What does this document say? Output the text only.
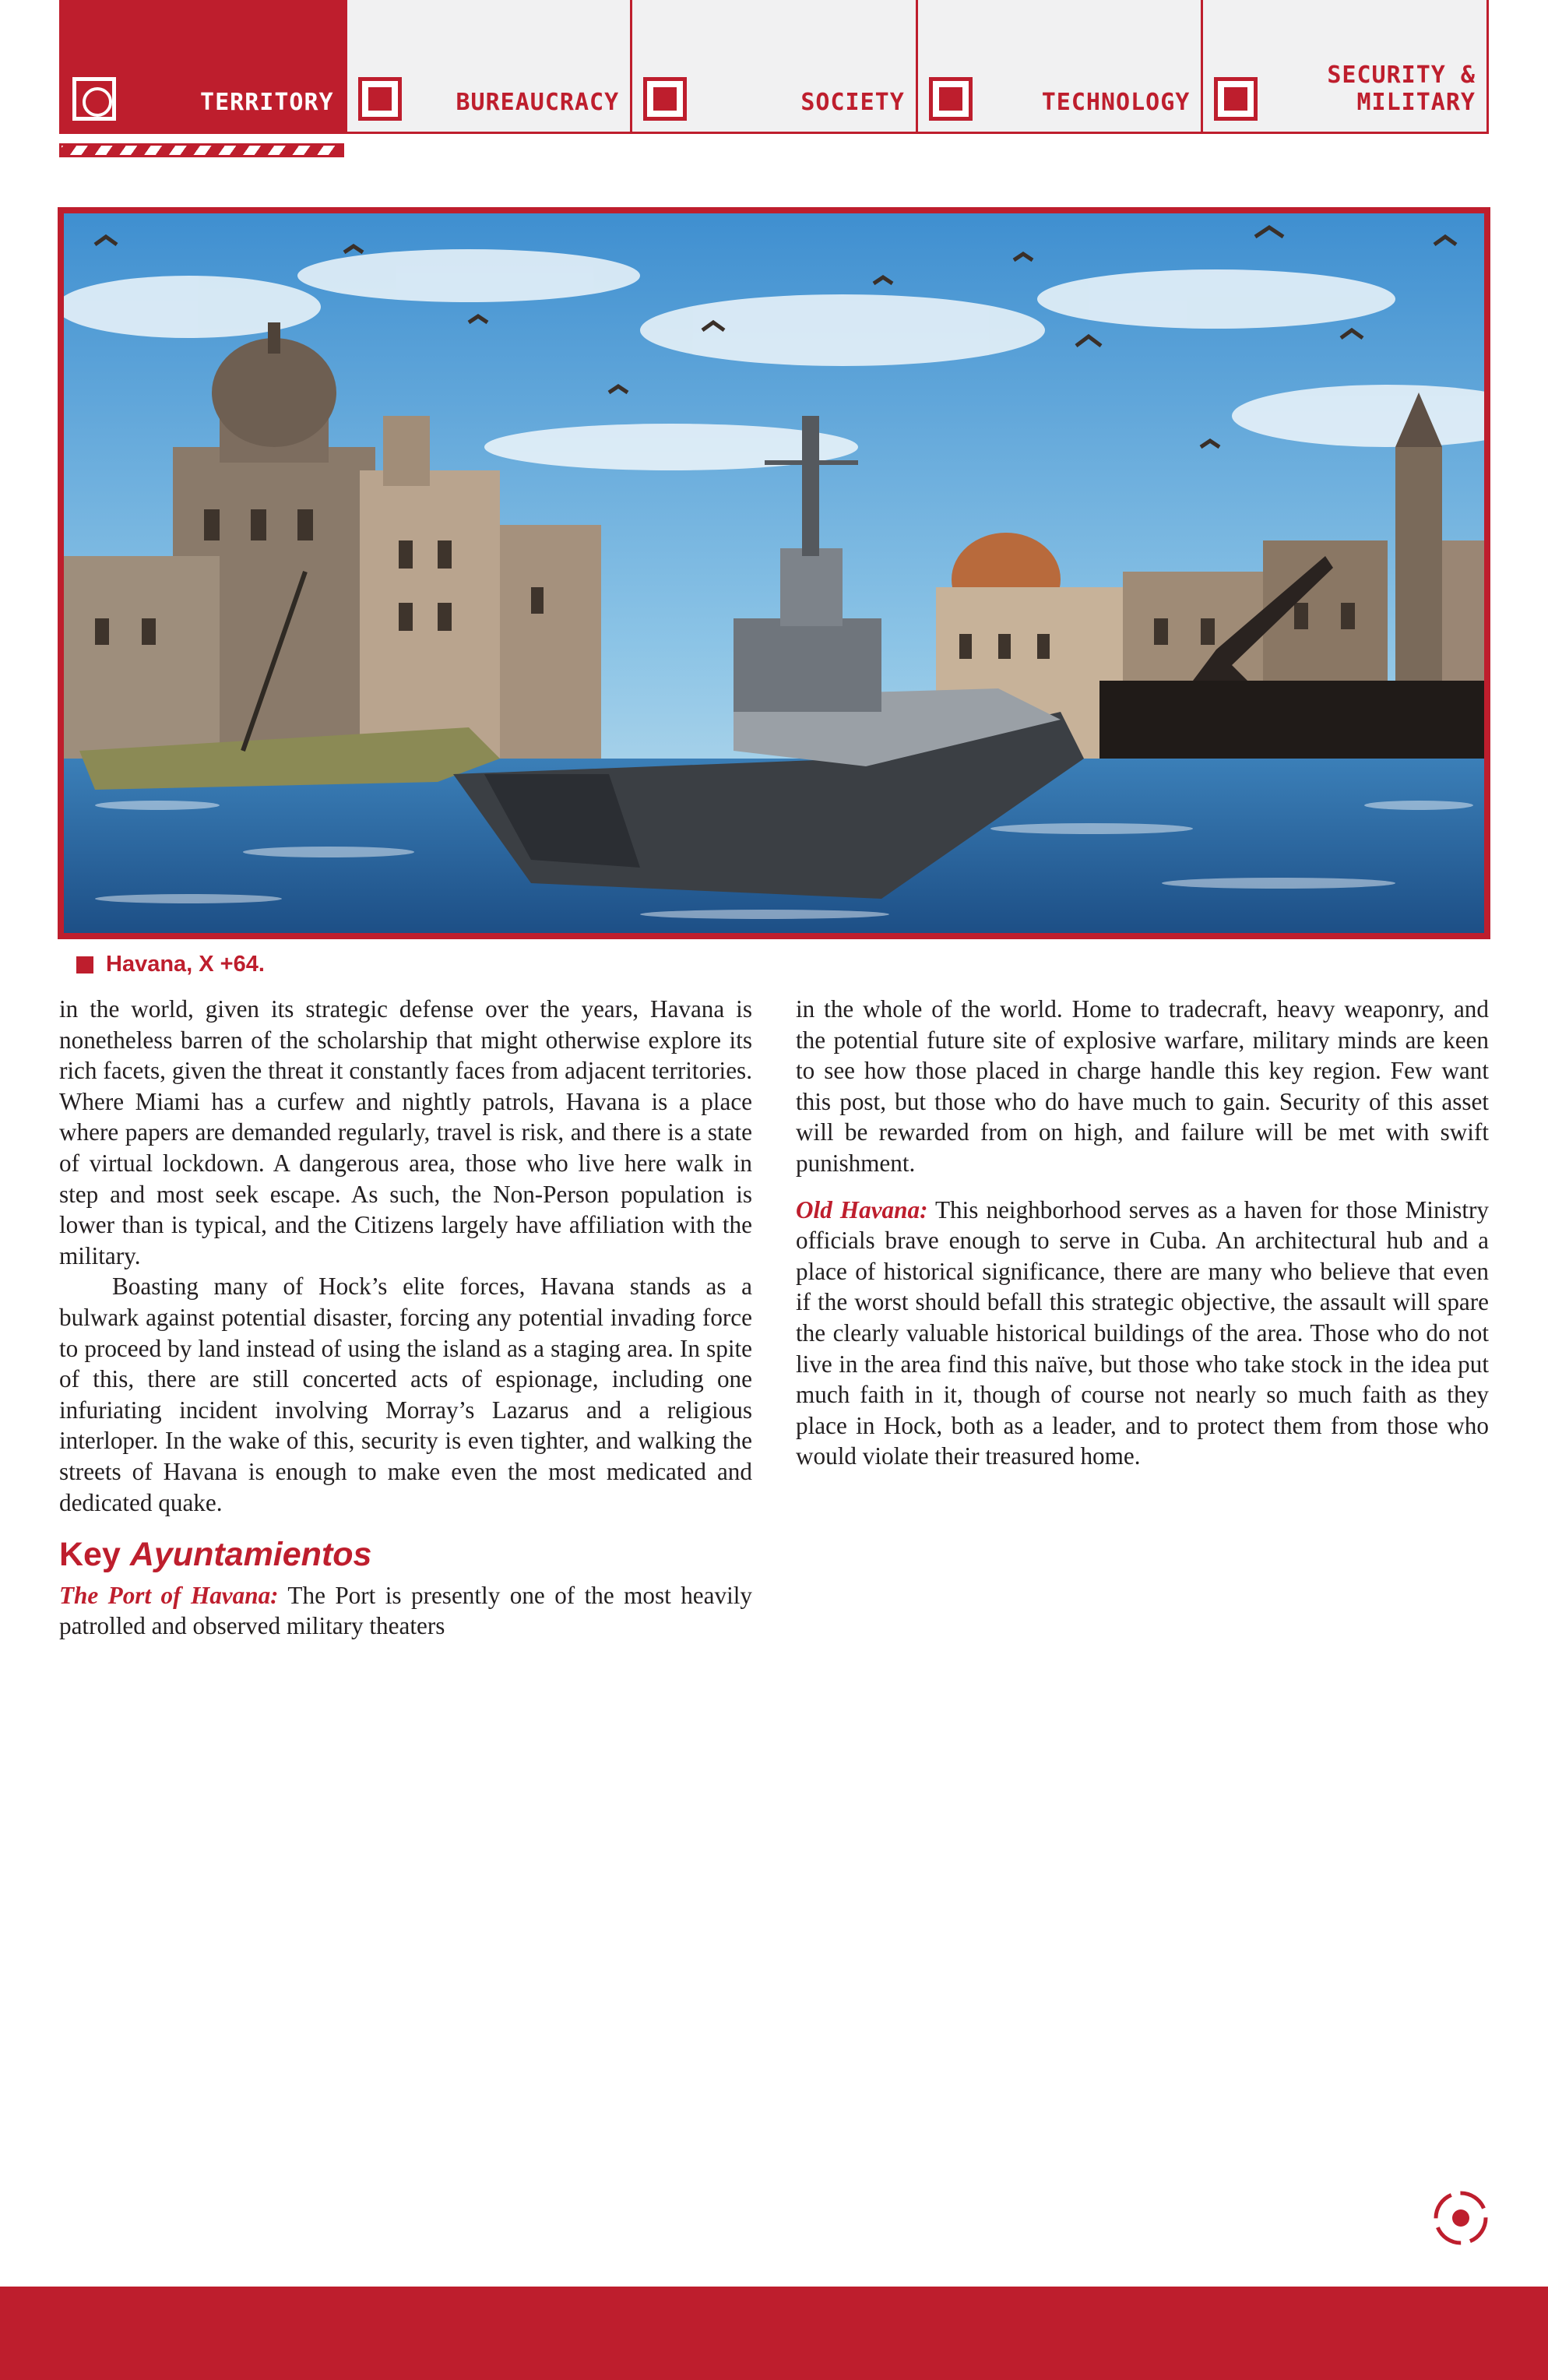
TERRITORY	BUREAUCRACY	SOCIETY	TECHNOLOGY
SECURITY &
MILITARY
Havana, X +64.

in the world, given its strategic defense over the years, Havana is nonetheless barren of the scholarship that might otherwise explore its rich facets, given the threat it constantly faces from adjacent territories. Where Miami has a curfew and nightly patrols, Havana is a place where papers are demanded regularly, travel is risk, and there is a state of virtual lockdown. A dangerous area, those who live here walk in step and most seek escape. As such, the Non-Person population is lower than is typical, and the Citizens largely have affiliation with the military.

Boasting many of Hock’s elite forces, Havana stands as a bulwark against potential disaster, forcing any potential invading force to proceed by land instead of using the island as a staging area. In spite of this, there are still concerted acts of espionage, including one infuriating incident involving Morray’s Lazarus and a religious interloper. In the wake of this, security is even tighter, and walking the streets of Havana is enough to make even the most medicated and dedicated quake.

Key Ayuntamientos

The Port of Havana: The Port is presently one of the most heavily patrolled and observed military theaters

in the whole of the world. Home to tradecraft, heavy weaponry, and the potential future site of explosive warfare, military minds are keen to see how those placed in charge handle this key region. Few want this post, but those who do have much to gain. Security of this asset will be rewarded from on high, and failure will be met with swift punishment.

Old Havana: This neighborhood serves as a haven for those Ministry officials brave enough to serve in Cuba. An architectural hub and a place of historical significance, there are many who believe that even if the worst should befall this strategic objective, the assault will spare the clearly valuable historical buildings of the area. Those who do not live in the area find this naïve, but those who take stock in the idea put much faith in it, though of course not nearly so much faith as they place in Hock, both as a leader, and to protect them from those who would violate their treasured home.
